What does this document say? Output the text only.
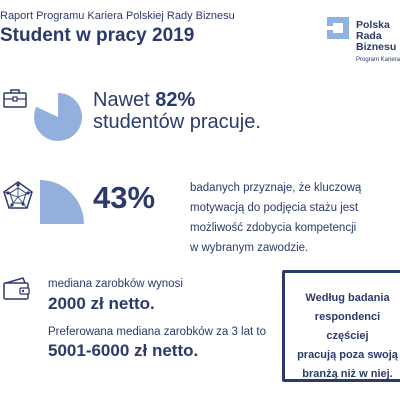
Raport Programu Kariera Polskiej Rady Biznesu
Student w pracy 2019	Polska
Rada
Biznesu
Program Kariera
Nawet 82%
studentów pracuje.
43%	badanych przyznaje, że kluczową
motywacją do podjęcia stażu jest
możliwość zdobycia kompetencji
w wybranym zawodzie.
mediana zarobków wynosi
2000 zł netto.
Preferowana mediana zarobków za 3 lat to
5001-6000 zł netto.
Według badania
respondenci częściej
pracują poza swoją
branżą niż w niej.
